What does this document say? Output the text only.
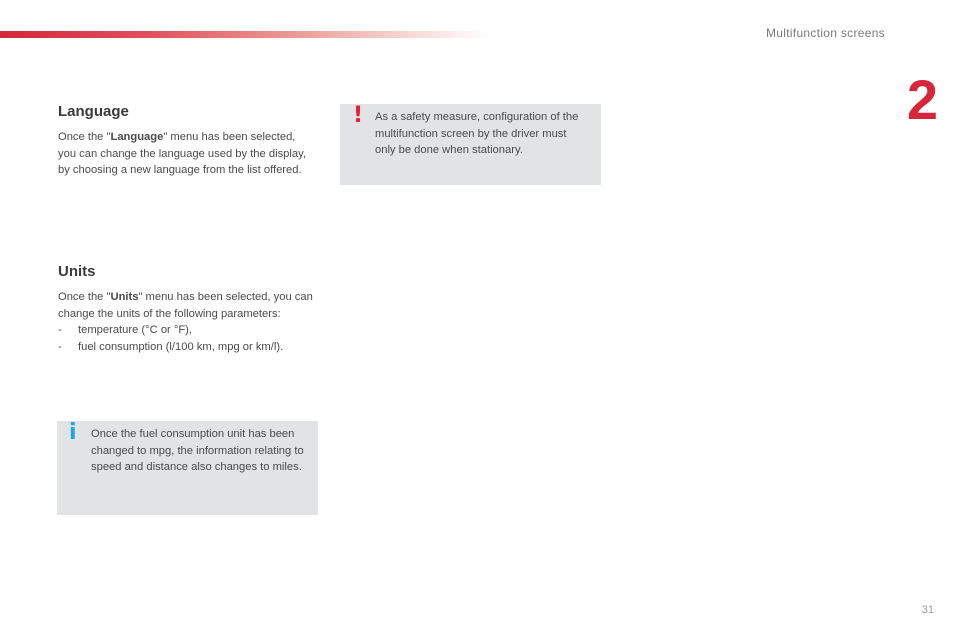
Multifunction screens
2
Language

Once the "Language" menu has been selected, you can change the language used by the display, by choosing a new language from the list offered.

Units

Once the "Units" menu has been selected, you can change the units of the following parameters:

-	temperature (°C or °F),
-	fuel consumption (l/100 km, mpg or km/l).
! As a safety measure, configuration of the multifunction screen by the driver must only be done when stationary.
i Once the fuel consumption unit has been changed to mpg, the information relating to speed and distance also changes to miles.
31
